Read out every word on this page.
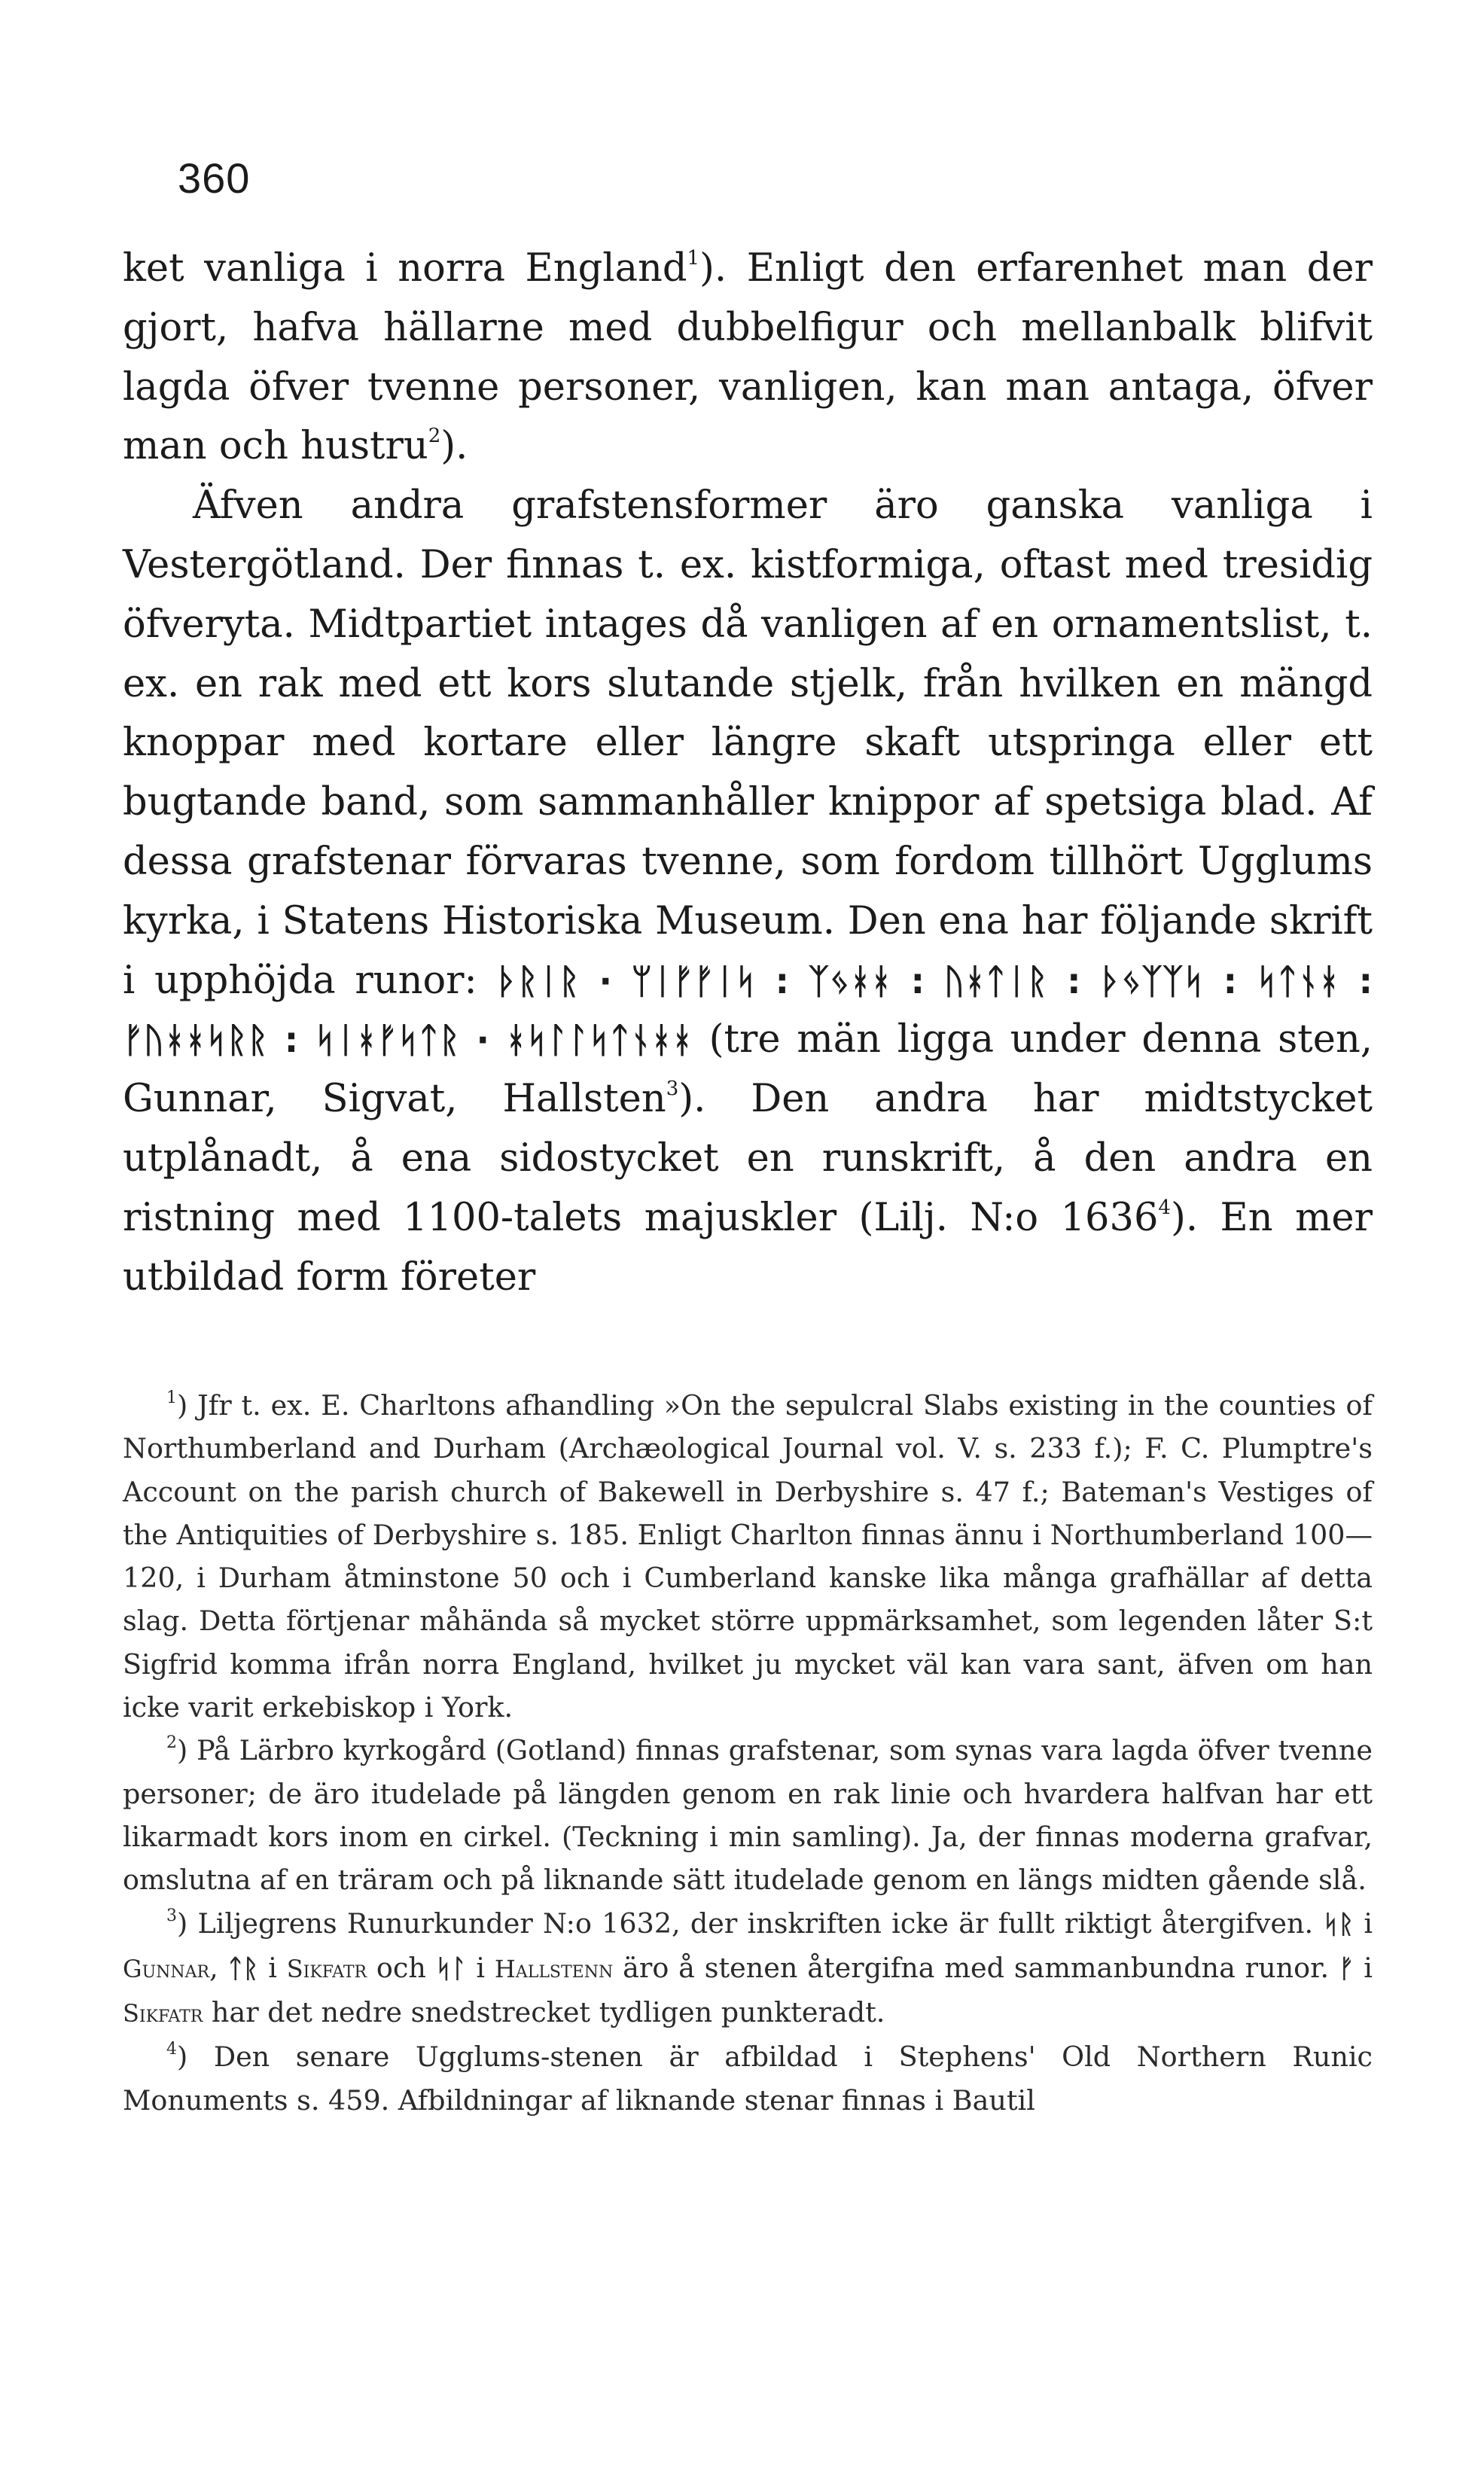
360

ket vanliga i norra England$^1$). Enligt den erfarenhet man der gjort, hafva hällarne med dubbelfigur och mellanbalk blifvit lagda öfver tvenne personer, vanligen, kan man antaga, öfver man och hustru$^2$).

Äfven andra grafstensformer äro ganska vanliga i Vestergötland. Der finnas t. ex. kistformiga, oftast med tresidig öfveryta. Midtpartiet intages då vanligen af en ornamentslist, t. ex. en rak med ett kors slutande stjelk, från hvilken en mängd knoppar med kortare eller längre skaft utspringa eller ett bugtande band, som sammanhåller knippor af spetsiga blad. Af dessa grafstenar förvaras tvenne, som fordom tillhört Ugglums kyrka, i Statens Historiska Museum. Den ena har följande skrift i upphöjda runor: ᚦᚱᛁᚱ · ᛘᛁᚠᚠᛁᛋ : ᛉᛃᚼᚼ : ᚢᚼᛏᛁᚱ : ᚦᛃᛉᛉᛋ : ᛋᛏᚾᚼ : ᚠᚢᚼᚼᛋᚱᚱ : ᛋᛁᚼᚠᛋᛏᚱ · ᚼᛋᛚᛚᛋᛏᚾᚼᚼ (tre män ligga under denna sten, Gunnar, Sigvat, Hallsten$^3$). Den andra har midtstycket utplånadt, å ena sidostycket en runskrift, å den andra en ristning med 1100-talets majuskler (Lilj. N:o 1636$^4$). En mer utbildad form företer

$^1$) Jfr t. ex. E. Charltons afhandling »On the sepulcral Slabs existing in the counties of Northumberland and Durham (Archæological Journal vol. V. s. 233 f.); F. C. Plumptre's Account on the parish church of Bakewell in Derbyshire s. 47 f.; Bateman's Vestiges of the Antiquities of Derbyshire s. 185. Enligt Charlton finnas ännu i Northumberland 100—120, i Durham åtminstone 50 och i Cumberland kanske lika många grafhällar af detta slag. Detta förtjenar måhända så mycket större uppmärksamhet, som legenden låter S:t Sigfrid komma ifrån norra England, hvilket ju mycket väl kan vara sant, äfven om han icke varit erkebiskop i York.

$^2$) På Lärbro kyrkogård (Gotland) finnas grafstenar, som synas vara lagda öfver tvenne personer; de äro itudelade på längden genom en rak linie och hvardera halfvan har ett likarmadt kors inom en cirkel. (Teckning i min samling). Ja, der finnas moderna grafvar, omslutna af en träram och på liknande sätt itudelade genom en längs midten gående slå.

$^3$) Liljegrens Runurkunder N:o 1632, der inskriften icke är fullt riktigt återgifven. ᛋᚱ i Gunnar, ᛏᚱ i Sikfatr och ᛋᛚ i Hallstenn äro å stenen återgifna med sammanbundna runor. ᚠ i Sikfatr har det nedre snedstrecket tydligen punkteradt.

$^4$) Den senare Ugglums-stenen är afbildad i Stephens' Old Northern Runic Monuments s. 459. Afbildningar af liknande stenar finnas i Bautil
